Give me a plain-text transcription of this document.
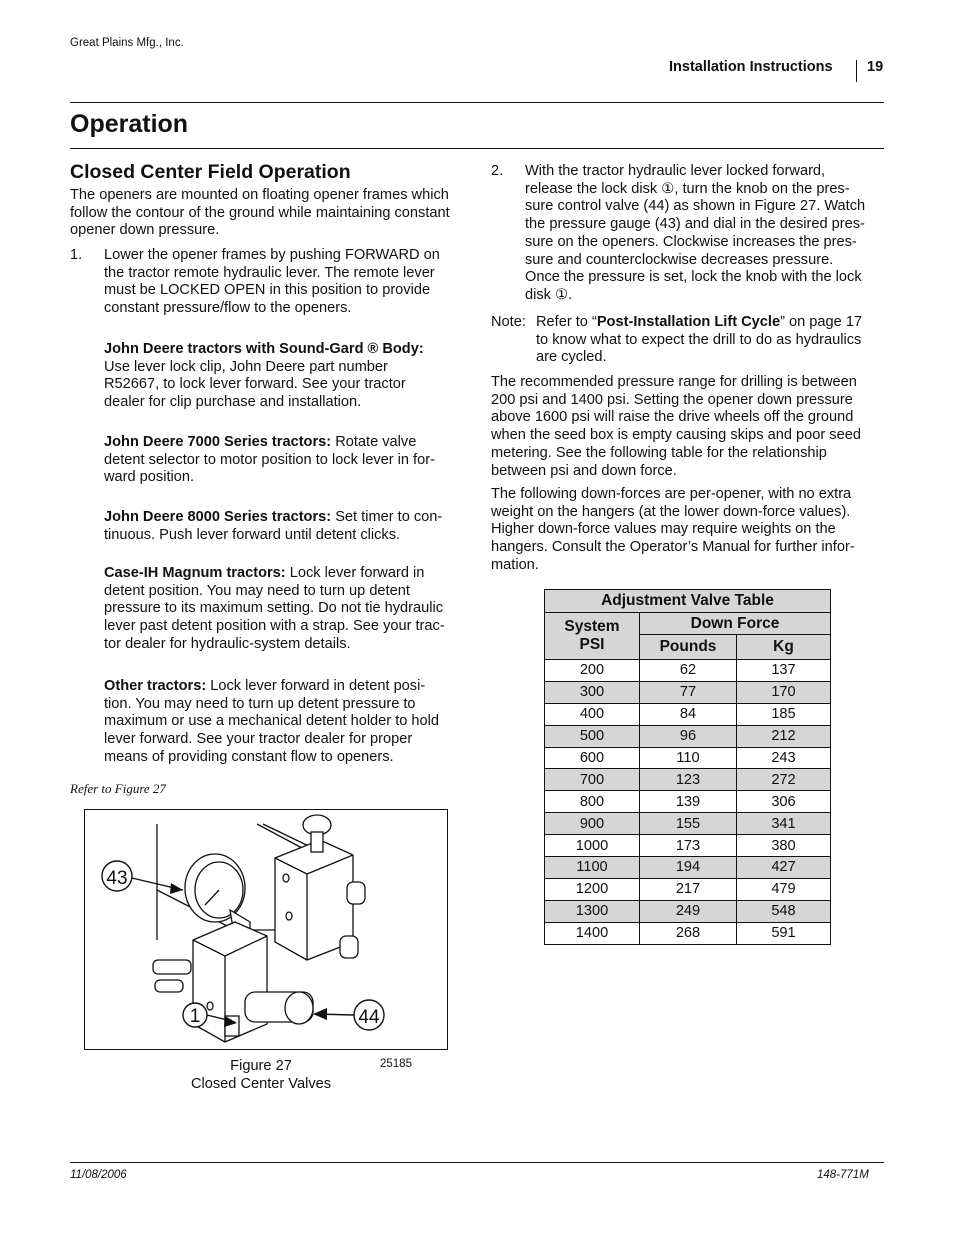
Great Plains Mfg., Inc.
Installation Instructions 19
Operation
Closed Center Field Operation
The openers are mounted on floating opener frames which follow the contour of the ground while maintaining constant opener down pressure.
1. Lower the opener frames by pushing FORWARD on
the tractor remote hydraulic lever. The remote lever
must be LOCKED OPEN in this position to provide
constant pressure/flow to the openers.
John Deere tractors with Sound-Gard ® Body:
Use lever lock clip, John Deere part number
R52667, to lock lever forward. See your tractor
dealer for clip purchase and installation.
John Deere 7000 Series tractors: Rotate valve
detent selector to motor position to lock lever in for-
ward position.
John Deere 8000 Series tractors: Set timer to con-
tinuous. Push lever forward until detent clicks.
Case-IH Magnum tractors: Lock lever forward in
detent position. You may need to turn up detent
pressure to its maximum setting. Do not tie hydraulic
lever past detent position with a strap. See your trac-
tor dealer for hydraulic-system details.
Other tractors: Lock lever forward in detent posi-
tion. You may need to turn up detent pressure to
maximum or use a mechanical detent holder to hold
lever forward. See your tractor dealer for proper
means of providing constant flow to openers.
Refer to Figure 27
43
1	44
Figure 27
Closed Center Valves
25185
2. With the tractor hydraulic lever locked forward,
release the lock disk ①, turn the knob on the pres-
sure control valve (44) as shown in Figure 27. Watch
the pressure gauge (43) and dial in the desired pres-
sure on the openers. Clockwise increases the pres-
sure and counterclockwise decreases pressure.
Once the pressure is set, lock the knob with the lock
disk ①.
Note: Refer to “Post-Installation Lift Cycle” on page 17
to know what to expect the drill to do as hydraulics
are cycled.
The recommended pressure range for drilling is between
200 psi and 1400 psi. Setting the opener down pressure
above 1600 psi will raise the drive wheels off the ground
when the seed box is empty causing skips and poor seed
metering. See the following table for the relationship
between psi and down force.
The following down-forces are per-opener, with no extra
weight on the hangers (at the lower down-force values).
Higher down-force values may require weights on the
hangers. Consult the Operator’s Manual for further infor-
mation.
Adjustment Valve Table		

System
PSI	Down Force	
	Pounds	Kg
200	62	137
300	77	170
400	84	185
500	96	212
600	110	243
700	123	272
800	139	306
900	155	341
1000	173	380
1100	194	427
1200	217	479
1300	249	548
1400	268	591
11/08/2006	148-771M
